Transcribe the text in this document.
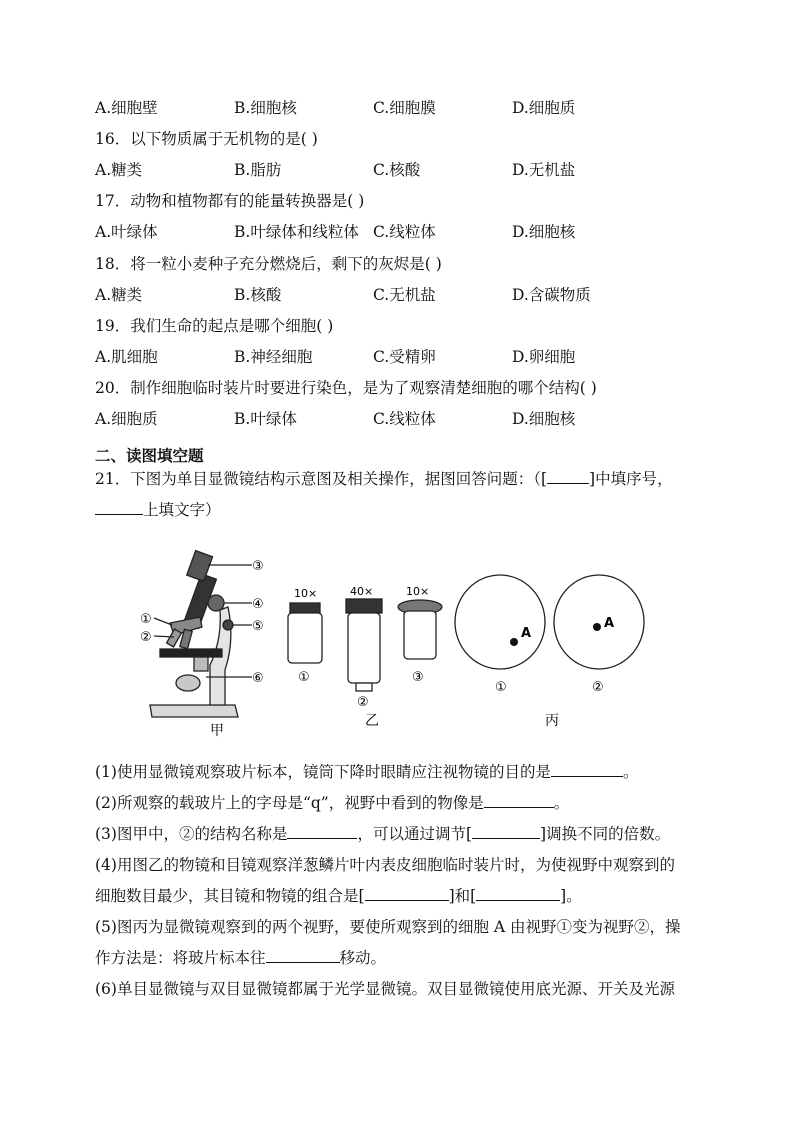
A.细胞壁	B.细胞核	C.细胞膜	D.细胞质
16．以下物质属于无机物的是( )
A.糖类	B.脂肪	C.核酸	D.无机盐
17．动物和植物都有的能量转换器是( )
A.叶绿体	B.叶绿体和线粒体 C.线粒体	D.细胞核
18．将一粒小麦种子充分燃烧后，剩下的灰烬是( )
A.糖类	B.核酸	C.无机盐	D.含碳物质
19．我们生命的起点是哪个细胞( )
A.肌细胞	B.神经细胞	C.受精卵	D.卵细胞
20．制作细胞临时装片时要进行染色，是为了观察清楚细胞的哪个结构( )
A.细胞质	B.叶绿体	C.线粒体	D.细胞核
二、读图填空题
21．下图为单目显微镜结构示意图及相关操作，据图回答问题：（[	]中填序号，
上填文字）
③
④
⑤
⑥
①
②
甲
10×	40×	10×
①
②
③
乙
A
A
①	②
丙
(1)使用显微镜观察玻片标本，镜筒下降时眼睛应注视物镜的目的是	。
(2)所观察的载玻片上的字母是“q”，视野中看到的物像是	。
(3)图甲中，②的结构名称是	，可以通过调节[	]调换不同的倍数。
(4)用图乙的物镜和目镜观察洋葱鳞片叶内表皮细胞临时装片时，为使视野中观察到的
细胞数目最少，其目镜和物镜的组合是[	]和[	]。
(5)图丙为显微镜观察到的两个视野，要使所观察到的细胞 A 由视野①变为视野②，操
作方法是：将玻片标本往	移动。
(6)单目显微镜与双目显微镜都属于光学显微镜。双目显微镜使用底光源、开关及光源
